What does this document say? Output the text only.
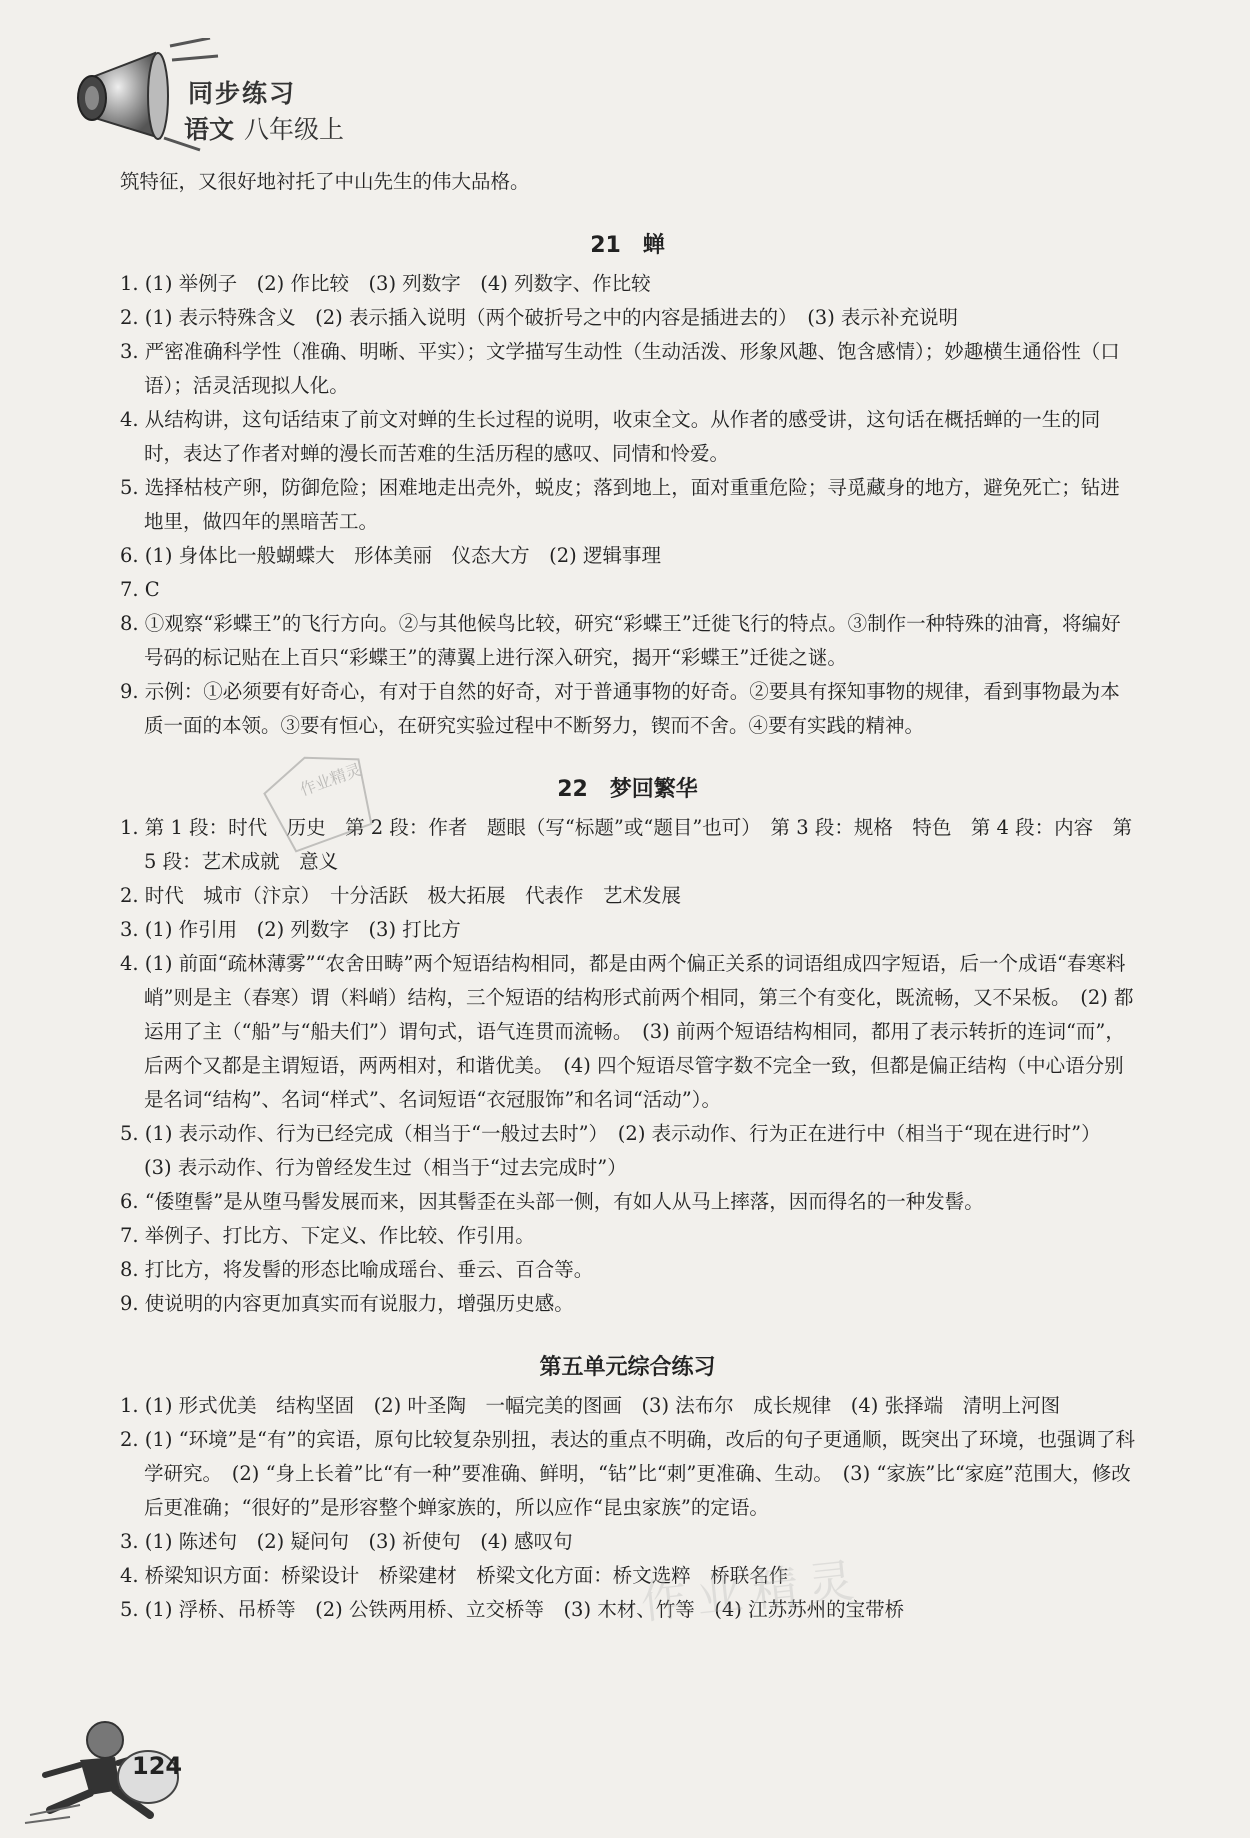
同步练习
语文 八年级上
筑特征，又很好地衬托了中山先生的伟大品格。
21　蝉
1. (1) 举例子　(2) 作比较　(3) 列数字　(4) 列数字、作比较
2. (1) 表示特殊含义　(2) 表示插入说明（两个破折号之中的内容是插进去的）　(3) 表示补充说明
3. 严密准确科学性（准确、明晰、平实）；文学描写生动性（生动活泼、形象风趣、饱含感情）；妙趣横生通俗性（口语）；活灵活现拟人化。
4. 从结构讲，这句话结束了前文对蝉的生长过程的说明，收束全文。从作者的感受讲，这句话在概括蝉的一生的同时，表达了作者对蝉的漫长而苦难的生活历程的感叹、同情和怜爱。
5. 选择枯枝产卵，防御危险；困难地走出壳外，蜕皮；落到地上，面对重重危险；寻觅藏身的地方，避免死亡；钻进地里，做四年的黑暗苦工。
6. (1) 身体比一般蝴蝶大　形体美丽　仪态大方　(2) 逻辑事理
7. C
8. ①观察“彩蝶王”的飞行方向。②与其他候鸟比较，研究“彩蝶王”迁徙飞行的特点。③制作一种特殊的油膏，将编好号码的标记贴在上百只“彩蝶王”的薄翼上进行深入研究，揭开“彩蝶王”迁徙之谜。
9. 示例：①必须要有好奇心，有对于自然的好奇，对于普通事物的好奇。②要具有探知事物的规律，看到事物最为本质一面的本领。③要有恒心，在研究实验过程中不断努力，锲而不舍。④要有实践的精神。
22　梦回繁华
1. 第 1 段：时代　历史　第 2 段：作者　题眼（写“标题”或“题目”也可）　第 3 段：规格　特色　第 4 段：内容　第 5 段：艺术成就　意义
2. 时代　城市（汴京）　十分活跃　极大拓展　代表作　艺术发展
3. (1) 作引用　(2) 列数字　(3) 打比方
4. (1) 前面“疏林薄雾”“农舍田畴”两个短语结构相同，都是由两个偏正关系的词语组成四字短语，后一个成语“春寒料峭”则是主（春寒）谓（料峭）结构，三个短语的结构形式前两个相同，第三个有变化，既流畅，又不呆板。　(2) 都运用了主（“船”与“船夫们”）谓句式，语气连贯而流畅。　(3) 前两个短语结构相同，都用了表示转折的连词“而”，后两个又都是主谓短语，两两相对，和谐优美。　(4) 四个短语尽管字数不完全一致，但都是偏正结构（中心语分别是名词“结构”、名词“样式”、名词短语“衣冠服饰”和名词“活动”）。
5. (1) 表示动作、行为已经完成（相当于“一般过去时”）　(2) 表示动作、行为正在进行中（相当于“现在进行时”）　(3) 表示动作、行为曾经发生过（相当于“过去完成时”）
6. “倭堕髻”是从堕马髻发展而来，因其髻歪在头部一侧，有如人从马上摔落，因而得名的一种发髻。
7. 举例子、打比方、下定义、作比较、作引用。
8. 打比方，将发髻的形态比喻成瑶台、垂云、百合等。
9. 使说明的内容更加真实而有说服力，增强历史感。
第五单元综合练习
1. (1) 形式优美　结构坚固　(2) 叶圣陶　一幅完美的图画　(3) 法布尔　成长规律　(4) 张择端　清明上河图
2. (1) “环境”是“有”的宾语，原句比较复杂别扭，表达的重点不明确，改后的句子更通顺，既突出了环境，也强调了科学研究。　(2) “身上长着”比“有一种”要准确、鲜明，“钻”比“刺”更准确、生动。　(3) “家族”比“家庭”范围大，修改后更准确；“很好的”是形容整个蝉家族的，所以应作“昆虫家族”的定语。
3. (1) 陈述句　(2) 疑问句　(3) 祈使句　(4) 感叹句
4. 桥梁知识方面：桥梁设计　桥梁建材　桥梁文化方面：桥文选粹　桥联名作
5. (1) 浮桥、吊桥等　(2) 公铁两用桥、立交桥等　(3) 木材、竹等　(4) 江苏苏州的宝带桥
作业精灵
作业精灵
124
